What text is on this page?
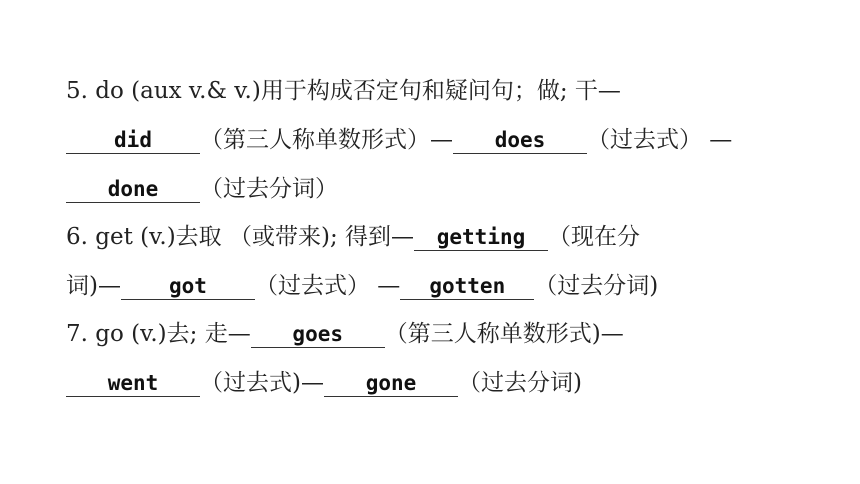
5. do (aux v.& v.)用于构成否定句和疑问句；做; 干—
did （第三人称单数形式）— does （过去式） —
done （过去分词）
6. get (v.)去取 （或带来); 得到— getting （现在分
词)— got （过去式） — gotten （过去分词)
7. go (v.)去; 走— goes （第三人称单数形式)—
went （过去式)— gone （过去分词)
